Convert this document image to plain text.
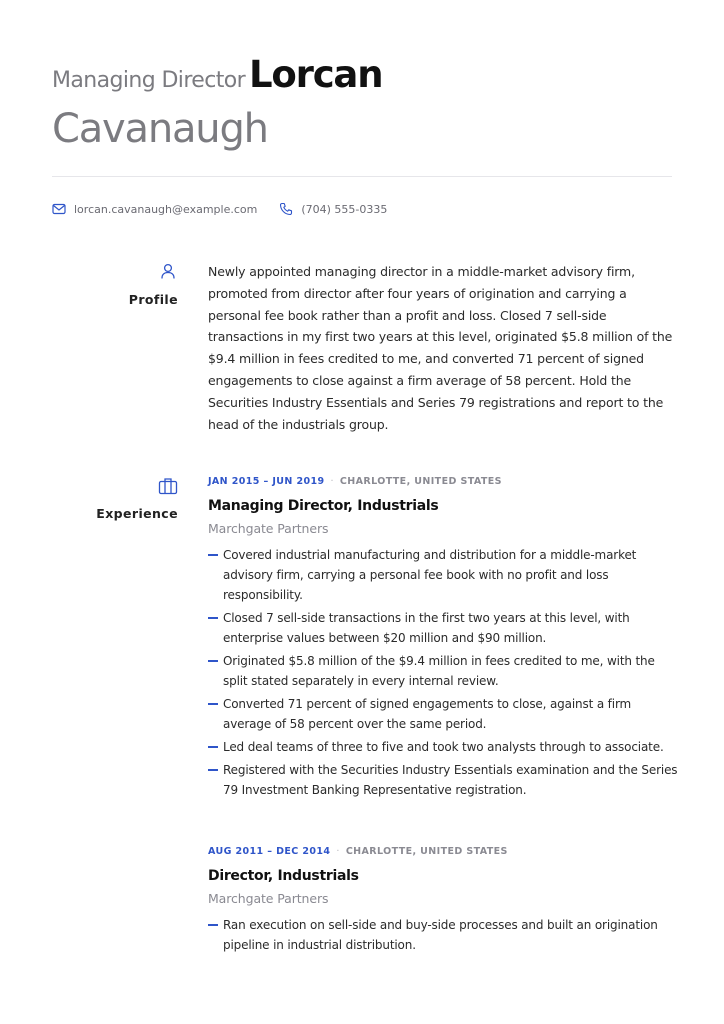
Managing Director Lorcan
Cavanaugh
lorcan.cavanaugh@example.com	(704) 555-0335
Profile

Newly appointed managing director in a middle-market advisory firm, promoted from director after four years of origination and carrying a personal fee book rather than a profit and loss. Closed 7 sell-side transactions in my first two years at this level, originated $5.8 million of the $9.4 million in fees credited to me, and converted 71 percent of signed engagements to close against a firm average of 58 percent. Hold the Securities Industry Essentials and Series 79 registrations and report to the head of the industrials group.

Experience
JAN 2015 – JUN 2019 · CHARLOTTE, UNITED STATES
Managing Director, Industrials
Marchgate Partners
Covered industrial manufacturing and distribution for a middle-market advisory firm, carrying a personal fee book with no profit and loss responsibility.
Closed 7 sell-side transactions in the first two years at this level, with enterprise values between $20 million and $90 million.
Originated $5.8 million of the $9.4 million in fees credited to me, with the split stated separately in every internal review.
Converted 71 percent of signed engagements to close, against a firm average of 58 percent over the same period.
Led deal teams of three to five and took two analysts through to associate.
Registered with the Securities Industry Essentials examination and the Series 79 Investment Banking Representative registration.
AUG 2011 – DEC 2014 · CHARLOTTE, UNITED STATES
Director, Industrials
Marchgate Partners
Ran execution on sell-side and buy-side processes and built an origination pipeline in industrial distribution.
